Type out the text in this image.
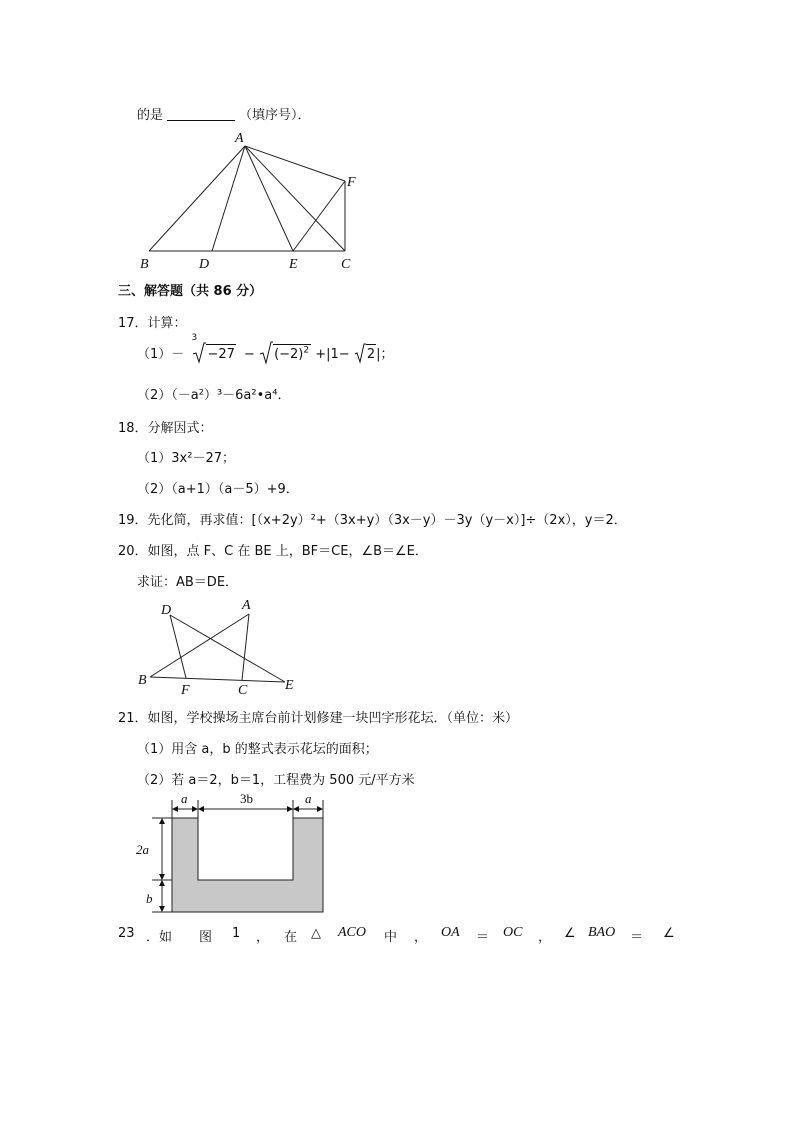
的是	（填序号）．
A
F
B	D	E	C
三、解答题（共 86 分）
17．计算：
（1）－
3
$-27 - (-2)^2 +|1- 2|$；
（2）（－a²）³－6a²•a⁴．
18．分解因式：
（1）3x²－27；
（2）（a+1）（a－5）+9．
19．先化简，再求值：[（x+2y）²+（3x+y）（3x－y）－3y（y－x）]÷（2x），y＝2．
20．如图，点 F、C 在 BE 上，BF＝CE，∠B＝∠E．
求证：AB＝DE．
D	A
B
F	C	E
21．如图，学校操场主席台前计划修建一块凹字形花坛．（单位：米）
（1）用含 a，b 的整式表示花坛的面积；
（2）若 a＝2，b＝1，工程费为 500 元/平方米
a	3b	a
2a
b
23 ．如 图 1 ， 在 △ ACO 中 ， OA ＝ OC ， ∠ BAO ＝ ∠
